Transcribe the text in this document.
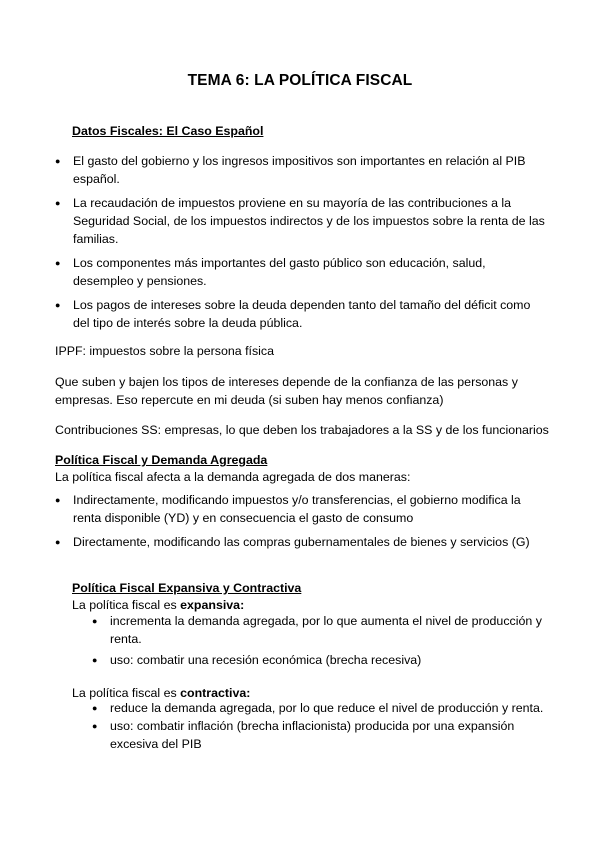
TEMA 6: LA POLÍTICA FISCAL
Datos Fiscales: El Caso Español
● El gasto del gobierno y los ingresos impositivos son importantes en relación al PIB español.
● La recaudación de impuestos proviene en su mayoría de las contribuciones a la Seguridad Social, de los impuestos indirectos y de los impuestos sobre la renta de las familias.
● Los componentes más importantes del gasto público son educación, salud, desempleo y pensiones.
● Los pagos de intereses sobre la deuda dependen tanto del tamaño del déficit como del tipo de interés sobre la deuda pública.

IPPF: impuestos sobre la persona física

Que suben y bajen los tipos de intereses depende de la confianza de las personas y empresas. Eso repercute en mi deuda (si suben hay menos confianza)

Contribuciones SS: empresas, lo que deben los trabajadores a la SS y de los funcionarios

Política Fiscal y Demanda Agregada

La política fiscal afecta a la demanda agregada de dos maneras:

● Indirectamente, modificando impuestos y/o transferencias, el gobierno modifica la renta disponible (YD) y en consecuencia el gasto de consumo
● Directamente, modificando las compras gubernamentales de bienes y servicios (G)
Política Fiscal Expansiva y Contractiva

La política fiscal es expansiva:

● incrementa la demanda agregada, por lo que aumenta el nivel de producción y renta.
● uso: combatir una recesión económica (brecha recesiva)

La política fiscal es contractiva:

● reduce la demanda agregada, por lo que reduce el nivel de producción y renta.
● uso: combatir inflación (brecha inflacionista) producida por una expansión excesiva del PIB
